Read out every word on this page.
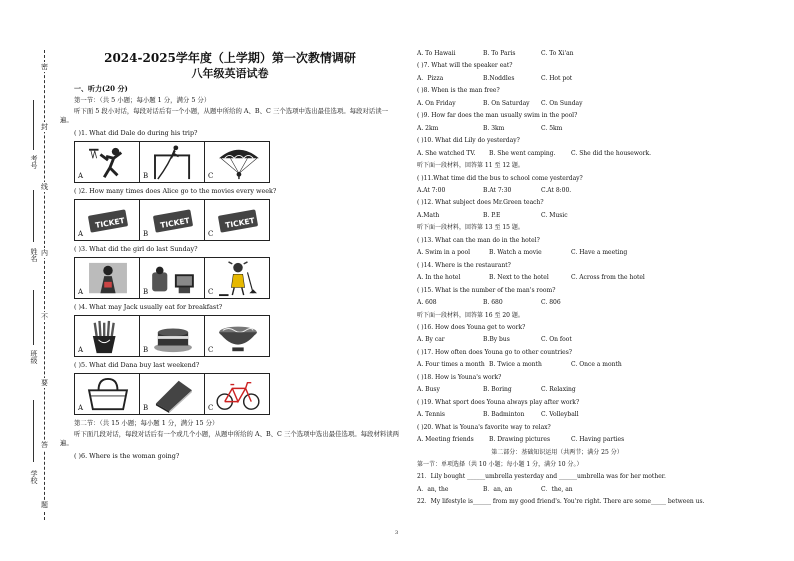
密
封
线
内
不
要
答
题
考号
姓名
班级
学校
2024-2025学年度（上学期）第一次教情调研
八年级英语试卷
一、听力(20 分)
第一节：（共 5 小题；每小题 1 分，满分 5 分）
听下面 5 段小对话，每段对话后有一个小题，从题中所给的 A、B、C 三个选项中选出最佳选项。每段对话读一遍。
( )1. What did Dale do during his trip?
A	B	C
( )2. How many times does Alice go to the movies every week?
TICKET
A
TICKET
B
TICKET
C
( )3. What did the girl do last Sunday?
A	B	C
( )4. What may Jack usually eat for breakfast?
A	B	C
( )5. What did Dana buy last weekend?
A	B	C
第二节：（共 15 小题；每小题 1 分，满分 15 分）
听下面几段对话，每段对话后有一个或几个小题，从题中所给的 A、B、C 三个选项中选出最佳选项。每段材料读两遍。
( )6. Where is the woman going?
A. To Hawaii	B. To Paris	C. To Xi'an
( )7. What will the speaker eat?
A．Pizza	B.Noddles	C. Hot pot
( )8. When is the man free?
A. On Friday	B. On Saturday C. On Sunday
( )9. How far does the man usually swim in the pool?
A. 2km	B. 3km	C. 5km
( )10. What did Lily do yesterday?
A. She watched TV. B. She went camping.	C. She did the housework.
听下面一段材料，回答第 11 至 12 题。
( )11.What time did the bus to school come yesterday?
A.At 7:00	B.At 7:30	C.At 8:00.
( )12. What subject does Mr.Green teach?
A.Math	B. P.E	C. Music
听下面一段材料，回答第 13 至 15 题。
( )13. What can the man do in the hotel?
A. Swim in a pool	B. Watch a movie	C. Have a meeting
( )14. Where is the restaurant?
A. In the hotel	B. Next to the hotel	C. Across from the hotel
( )15. What is the number of the man's room?
A. 608	B. 680	C. 806
听下面一段材料，回答第 16 至 20 题。
( )16. How does Youna get to work?
A. By car	B.By bus	C. On foot
( )17. How often does Youna go to other countries?
A. Four times a month B. Twice a month	C. Once a month
( )18. How is Youna's work?
A. Busy	B. Boring	C. Relaxing
( )19. What sport does Youna always play after work?
A. Tennis	B. Badminton	C. Volleyball
( )20. What is Youna's favorite way to relax?
A. Meeting friends	B. Drawing pictures	C. Having parties
第二部分：基础知识运用（共两节；满分 25 分）
第一节：单项选择（共 10 小题；每小题 1 分，满分 10 分。）
21．Lily bought ______umbrella yesterday and ______umbrella was for her mother.
A．an, the	B．an, an	C．the, an
22．My lifestyle is______ from my good friend's. You're right. There are some_____ between us.
3
